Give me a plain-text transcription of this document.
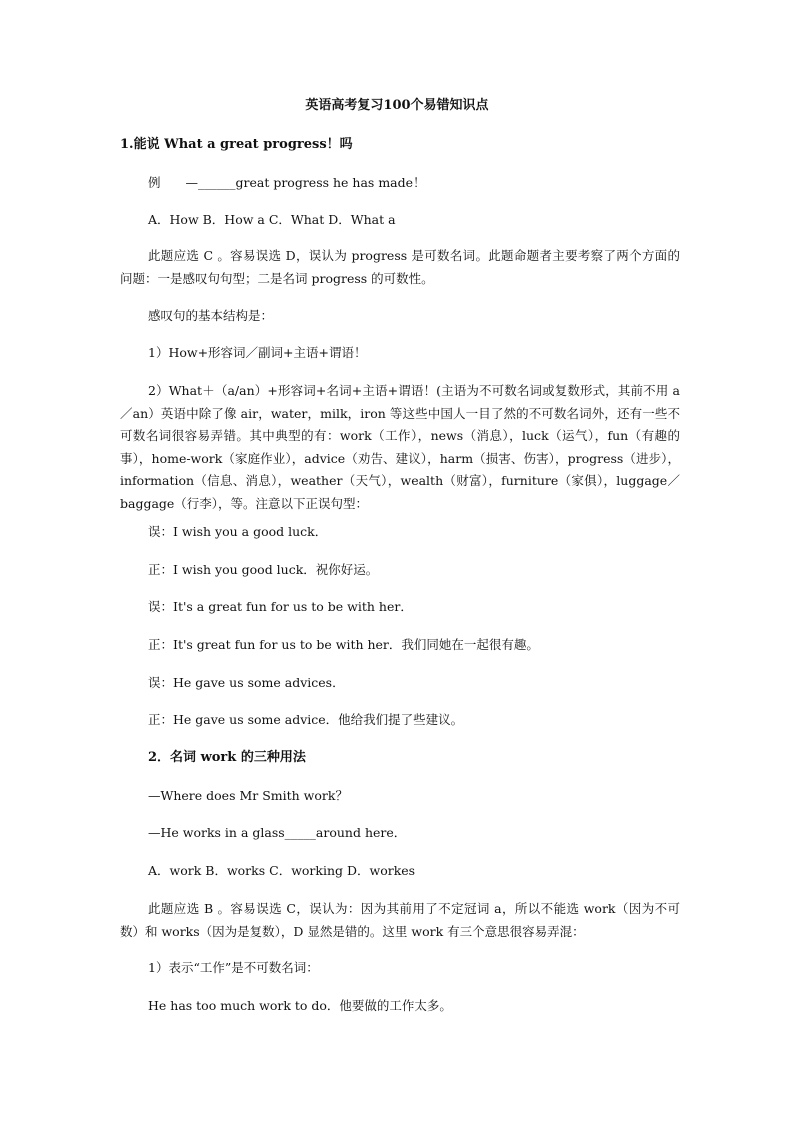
英语高考复习100个易错知识点
1.能说 What a great progress！吗
例　　—______great progress he has made！
A．How B．How a C．What D．What a
此题应选 C 。容易误选 D，误认为 progress 是可数名词。此题命题者主要考察了两个方面的问题：一是感叹句句型；二是名词 progress 的可数性。
感叹句的基本结构是：
1）How+形容词／副词+主语+谓语！
2）What＋（a/an）+形容词+名词+主语+谓语！(主语为不可数名词或复数形式，其前不用 a／an）英语中除了像 air，water，milk，iron 等这些中国人一目了然的不可数名词外，还有一些不可数名词很容易弄错。其中典型的有：work（工作），news（消息），luck（运气），fun（有趣的事），home-work（家庭作业），advice（劝告、建议），harm（损害、伤害），progress（进步），information（信息、消息），weather（天气），wealth（财富），furniture（家俱），luggage／baggage（行李），等。注意以下正误句型：
误：I wish you a good luck．
正：I wish you good luck．祝你好运。
误：It's a great fun for us to be with her．
正：It's great fun for us to be with her．我们同她在一起很有趣。
误：He gave us some advices．
正：He gave us some advice．他给我们提了些建议。
2．名词 work 的三种用法
—Where does Mr Smith work？
—He works in a glass_____around here．
A．work B．works C．working D．workes
此题应选 B 。容易误选 C，误认为：因为其前用了不定冠词 a，所以不能选 work（因为不可数）和 works（因为是复数），D 显然是错的。这里 work 有三个意思很容易弄混：
1）表示“工作”是不可数名词：
He has too much work to do．他要做的工作太多。
